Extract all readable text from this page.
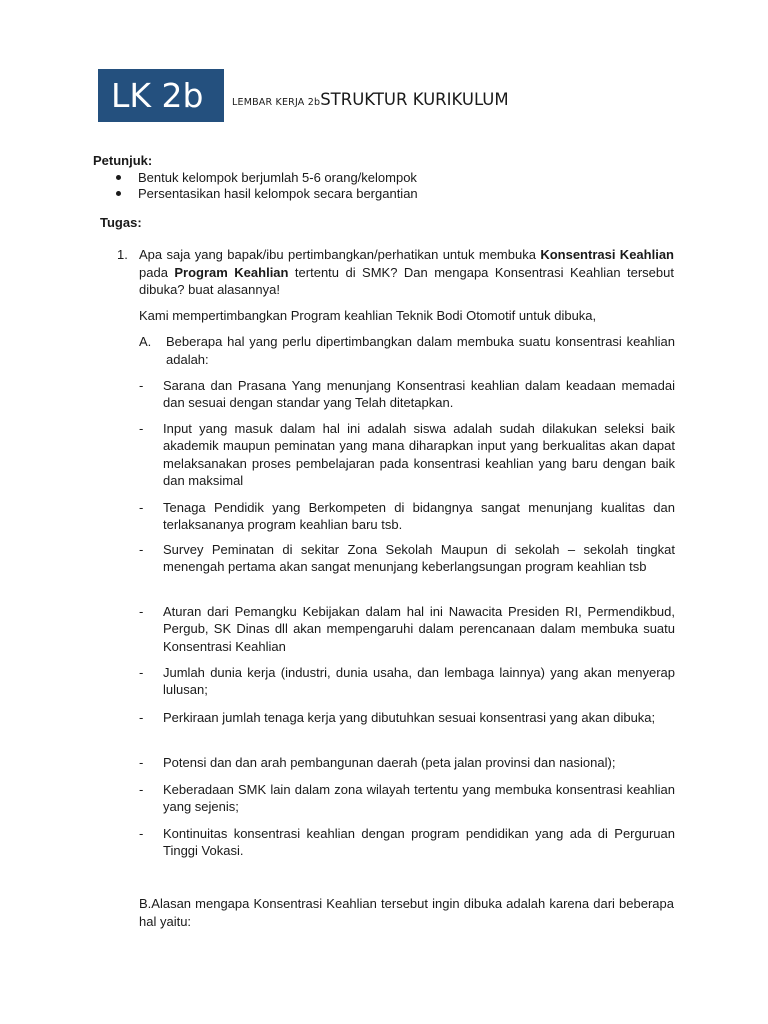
LK 2b	LEMBAR KERJA 2bSTRUKTUR KURIKULUM
Petunjuk:
Bentuk kelompok berjumlah 5-6 orang/kelompok
Persentasikan hasil kelompok secara bergantian
Tugas:
1. Apa saja yang bapak/ibu pertimbangkan/perhatikan untuk membuka Konsentrasi Keahlian pada Program Keahlian tertentu di SMK? Dan mengapa Konsentrasi Keahlian tersebut dibuka? buat alasannya!
Kami mempertimbangkan Program keahlian Teknik Bodi Otomotif untuk dibuka,
A. Beberapa hal yang perlu dipertimbangkan dalam membuka suatu konsentrasi keahlian adalah:
- Sarana dan Prasana Yang menunjang Konsentrasi keahlian dalam keadaan memadai dan sesuai dengan standar yang Telah ditetapkan.
- Input yang masuk dalam hal ini adalah siswa adalah sudah dilakukan seleksi baik akademik maupun peminatan yang mana diharapkan input yang berkualitas akan dapat melaksanakan proses pembelajaran pada konsentrasi keahlian yang baru dengan baik dan maksimal
- Tenaga Pendidik yang Berkompeten di bidangnya sangat menunjang kualitas dan terlaksananya program keahlian baru tsb.
- Survey Peminatan di sekitar Zona Sekolah Maupun di sekolah – sekolah tingkat menengah pertama akan sangat menunjang keberlangsungan program keahlian tsb
- Aturan dari Pemangku Kebijakan dalam hal ini Nawacita Presiden RI, Permendikbud, Pergub, SK Dinas dll akan mempengaruhi dalam perencanaan dalam membuka suatu Konsentrasi Keahlian
- Jumlah dunia kerja (industri, dunia usaha, dan lembaga lainnya) yang akan menyerap lulusan;
- Perkiraan jumlah tenaga kerja yang dibutuhkan sesuai konsentrasi yang akan dibuka;
- Potensi dan dan arah pembangunan daerah (peta jalan provinsi dan nasional);
- Keberadaan SMK lain dalam zona wilayah tertentu yang membuka konsentrasi keahlian yang sejenis;
- Kontinuitas konsentrasi keahlian dengan program pendidikan yang ada di Perguruan Tinggi Vokasi.
B.Alasan mengapa Konsentrasi Keahlian tersebut ingin dibuka adalah karena dari beberapa hal yaitu:
